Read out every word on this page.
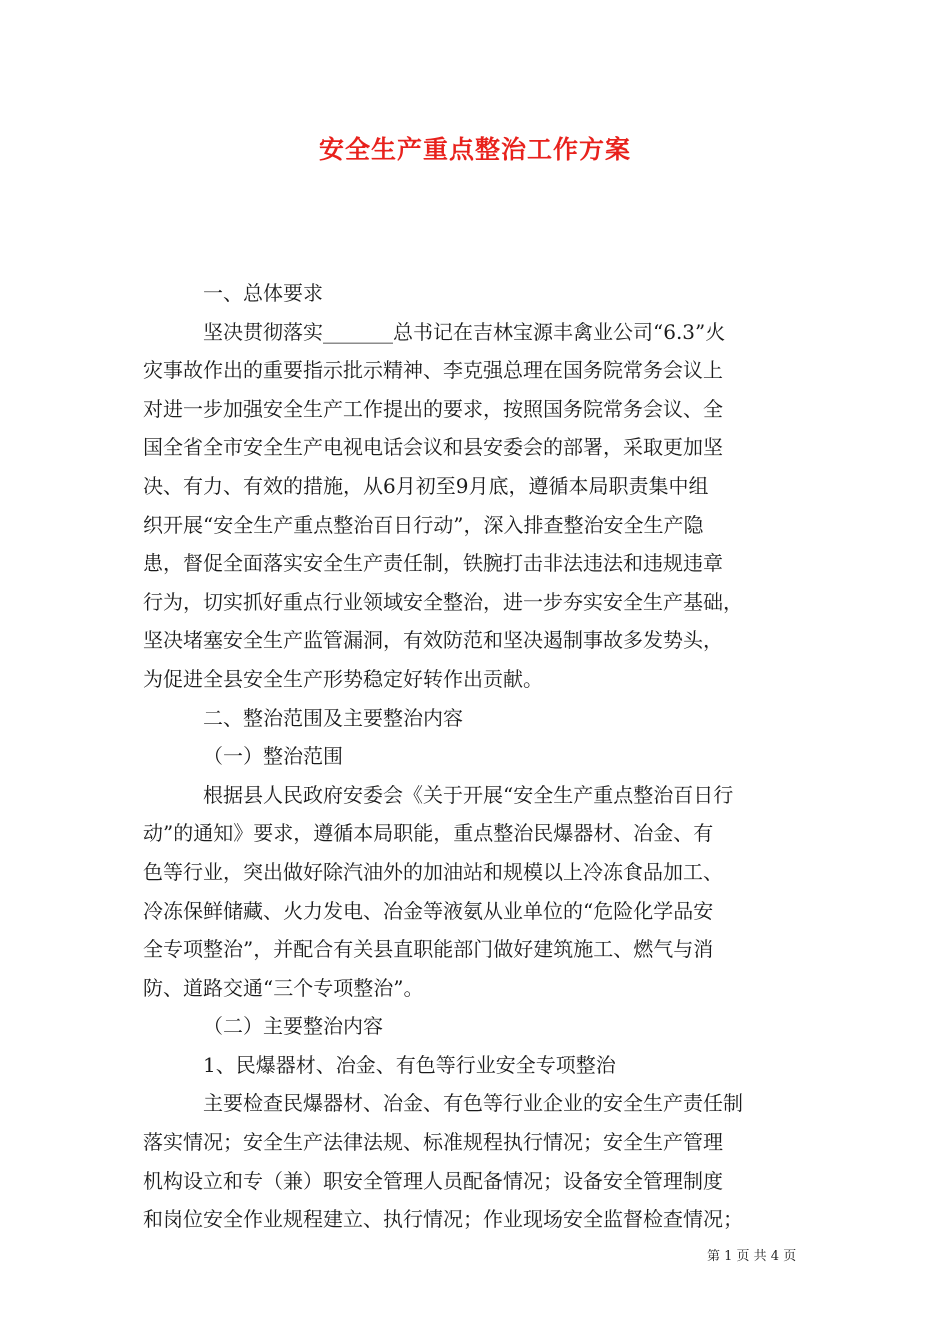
安全生产重点整治工作方案
一、总体要求
坚决贯彻落实_______总书记在吉林宝源丰禽业公司“6.3”火
灾事故作出的重要指示批示精神、李克强总理在国务院常务会议上
对进一步加强安全生产工作提出的要求，按照国务院常务会议、全
国全省全市安全生产电视电话会议和县安委会的部署，采取更加坚
决、有力、有效的措施，从6月初至9月底，遵循本局职责集中组
织开展“安全生产重点整治百日行动”，深入排查整治安全生产隐
患，督促全面落实安全生产责任制，铁腕打击非法违法和违规违章
行为，切实抓好重点行业领域安全整治，进一步夯实安全生产基础，
坚决堵塞安全生产监管漏洞，有效防范和坚决遏制事故多发势头，
为促进全县安全生产形势稳定好转作出贡献。
二、整治范围及主要整治内容
（一）整治范围
根据县人民政府安委会《关于开展“安全生产重点整治百日行
动”的通知》要求，遵循本局职能，重点整治民爆器材、冶金、有
色等行业，突出做好除汽油外的加油站和规模以上冷冻食品加工、
冷冻保鲜储藏、火力发电、冶金等液氨从业单位的“危险化学品安
全专项整治”，并配合有关县直职能部门做好建筑施工、燃气与消
防、道路交通“三个专项整治”。
（二）主要整治内容
1、民爆器材、冶金、有色等行业安全专项整治
主要检查民爆器材、冶金、有色等行业企业的安全生产责任制
落实情况；安全生产法律法规、标准规程执行情况；安全生产管理
机构设立和专（兼）职安全管理人员配备情况；设备安全管理制度
和岗位安全作业规程建立、执行情况；作业现场安全监督检查情况；
第 1 页 共 4 页
